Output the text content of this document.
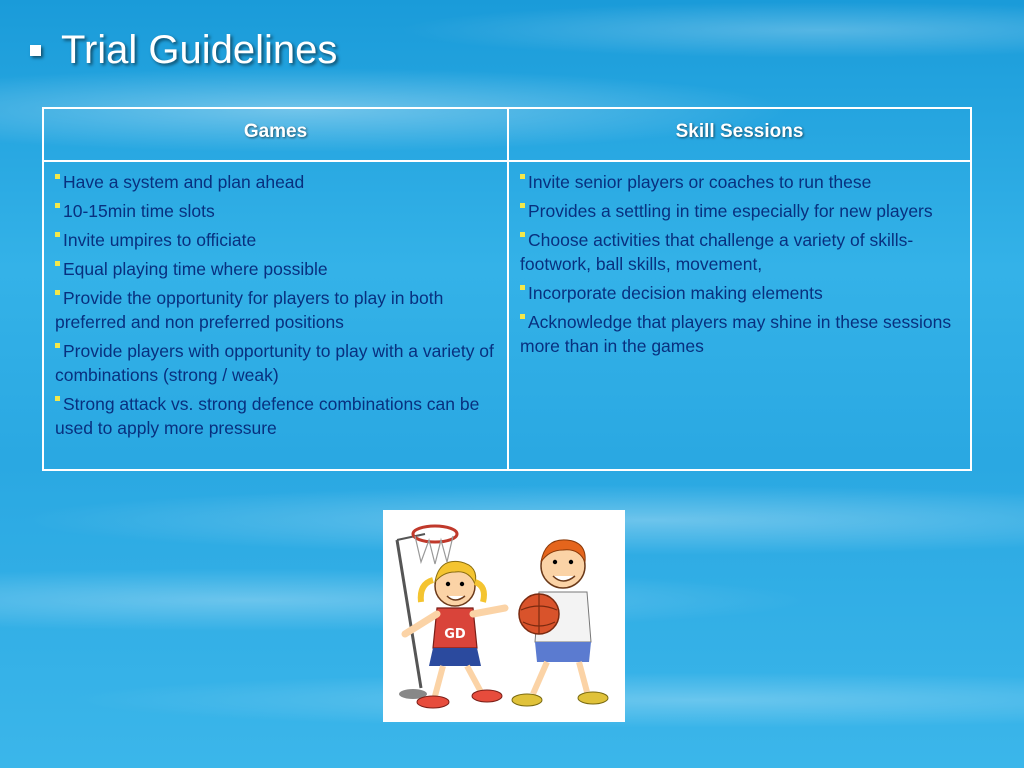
Trial Guidelines
Games	Skill Sessions
Have a system and plan ahead
10-15min time slots
Invite umpires to officiate
Equal playing time where possible
Provide the opportunity for players to play in both preferred and non preferred positions
Provide players with opportunity to play with a variety of combinations (strong / weak)
Strong attack vs. strong defence combinations can be used to apply more pressure
Invite senior players or coaches to run these
Provides a settling in time especially for new players
Choose activities that challenge a variety of skills- footwork, ball skills, movement,
Incorporate decision making elements
Acknowledge that players may shine in these sessions more than in the games
GD
